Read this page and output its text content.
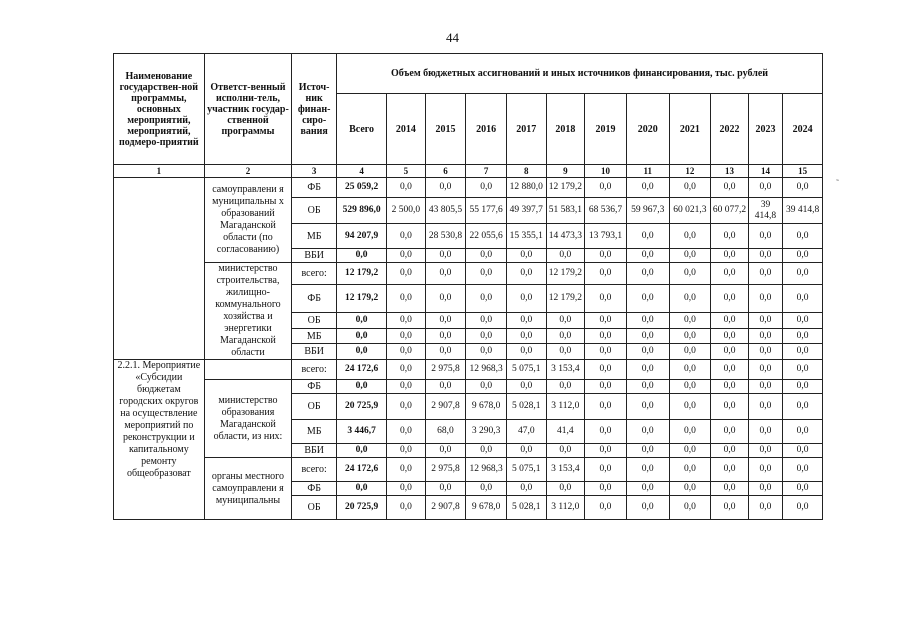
44
˜
Наименование государствен-ной программы, основных мероприятий, мероприятий, подмеро-приятий	Ответст-венный исполни-тель, участник государ-ственной программы	Источ-ник финан-сиро-вания	Объем бюджетных ассигнований и иных источников финансирования, тыс. рублей											
			Всего	2014	2015	2016	2017	2018	2019	2020	2021	2022	2023	2024
1	2	3	4	5	6	7	8	9	10	11	12	13	14	15
	самоуправлени я муниципальны х образований Магаданской области (по согласованию)	ФБ	25 059,2	0,0	0,0	0,0	12 880,0	12 179,2	0,0	0,0	0,0	0,0	0,0	0,0
		ОБ	529 896,0	2 500,0	43 805,5	55 177,6	49 397,7	51 583,1	68 536,7	59 967,3	60 021,3	60 077,2	39 414,8	39 414,8
		МБ	94 207,9	0,0	28 530,8	22 055,6	15 355,1	14 473,3	13 793,1	0,0	0,0	0,0	0,0	0,0
		ВБИ	0,0	0,0	0,0	0,0	0,0	0,0	0,0	0,0	0,0	0,0	0,0	0,0
	министерство строительства, жилищно-коммунального хозяйства и энергетики Магаданской области	всего:	12 179,2	0,0	0,0	0,0	0,0	12 179,2	0,0	0,0	0,0	0,0	0,0	0,0
		ФБ	12 179,2	0,0	0,0	0,0	0,0	12 179,2	0,0	0,0	0,0	0,0	0,0	0,0
		ОБ	0,0	0,0	0,0	0,0	0,0	0,0	0,0	0,0	0,0	0,0	0,0	0,0
		МБ	0,0	0,0	0,0	0,0	0,0	0,0	0,0	0,0	0,0	0,0	0,0	0,0
		ВБИ	0,0	0,0	0,0	0,0	0,0	0,0	0,0	0,0	0,0	0,0	0,0	0,0
2.2.1. Мероприятие «Субсидии бюджетам городских округов на осуществление мероприятий по реконструкции и капитальному ремонту общеобразоват		всего:	24 172,6	0,0	2 975,8	12 968,3	5 075,1	3 153,4	0,0	0,0	0,0	0,0	0,0	0,0
	министерство образования Магаданской области, из них:	ФБ	0,0	0,0	0,0	0,0	0,0	0,0	0,0	0,0	0,0	0,0	0,0	0,0
		ОБ	20 725,9	0,0	2 907,8	9 678,0	5 028,1	3 112,0	0,0	0,0	0,0	0,0	0,0	0,0
		МБ	3 446,7	0,0	68,0	3 290,3	47,0	41,4	0,0	0,0	0,0	0,0	0,0	0,0
		ВБИ	0,0	0,0	0,0	0,0	0,0	0,0	0,0	0,0	0,0	0,0	0,0	0,0
	органы местного самоуправлени я муниципальны	всего:	24 172,6	0,0	2 975,8	12 968,3	5 075,1	3 153,4	0,0	0,0	0,0	0,0	0,0	0,0
		ФБ	0,0	0,0	0,0	0,0	0,0	0,0	0,0	0,0	0,0	0,0	0,0	0,0
		ОБ	20 725,9	0,0	2 907,8	9 678,0	5 028,1	3 112,0	0,0	0,0	0,0	0,0	0,0	0,0
